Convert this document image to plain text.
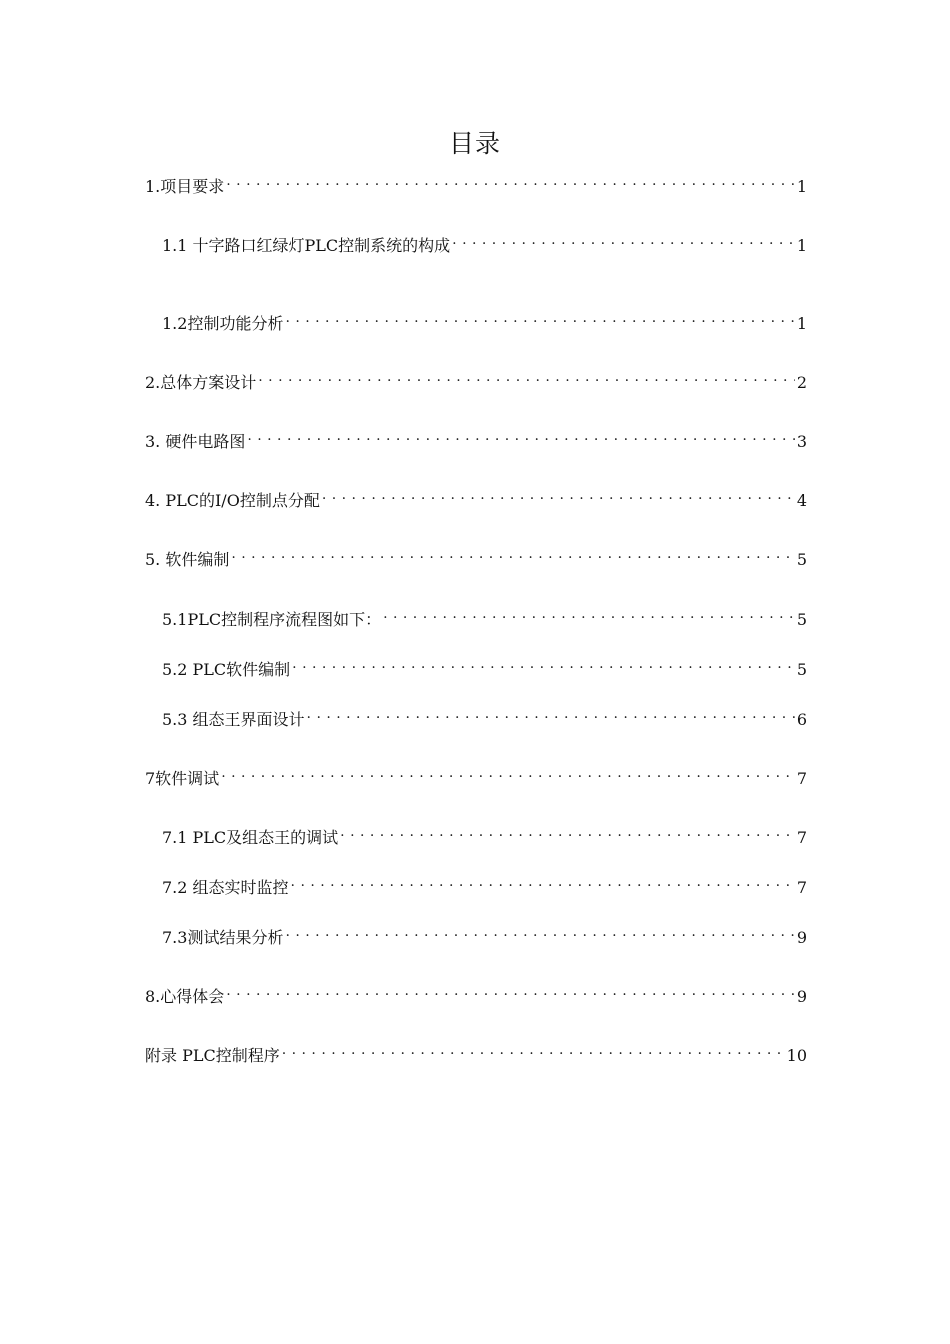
目录
1.项目要求 . . .	1
1.1 十字路口红绿灯PLC控制系统的构成 . . .	1
1.2控制功能分析 . . .	1
2.总体方案设计 . . .	2
3. 硬件电路图 . . .	3
4. PLC的I/O控制点分配 . . .	4
5. 软件编制 . . .	5
5.1PLC控制程序流程图如下： . . .	5
5.2 PLC软件编制 . . .	5
5.3 组态王界面设计 . . .	6
7软件调试 . . .	7
7.1 PLC及组态王的调试 . . .	7
7.2 组态实时监控 . . .	7
7.3测试结果分析 . . .	9
8.心得体会 . . .	9
附录 PLC控制程序 . . .	10
